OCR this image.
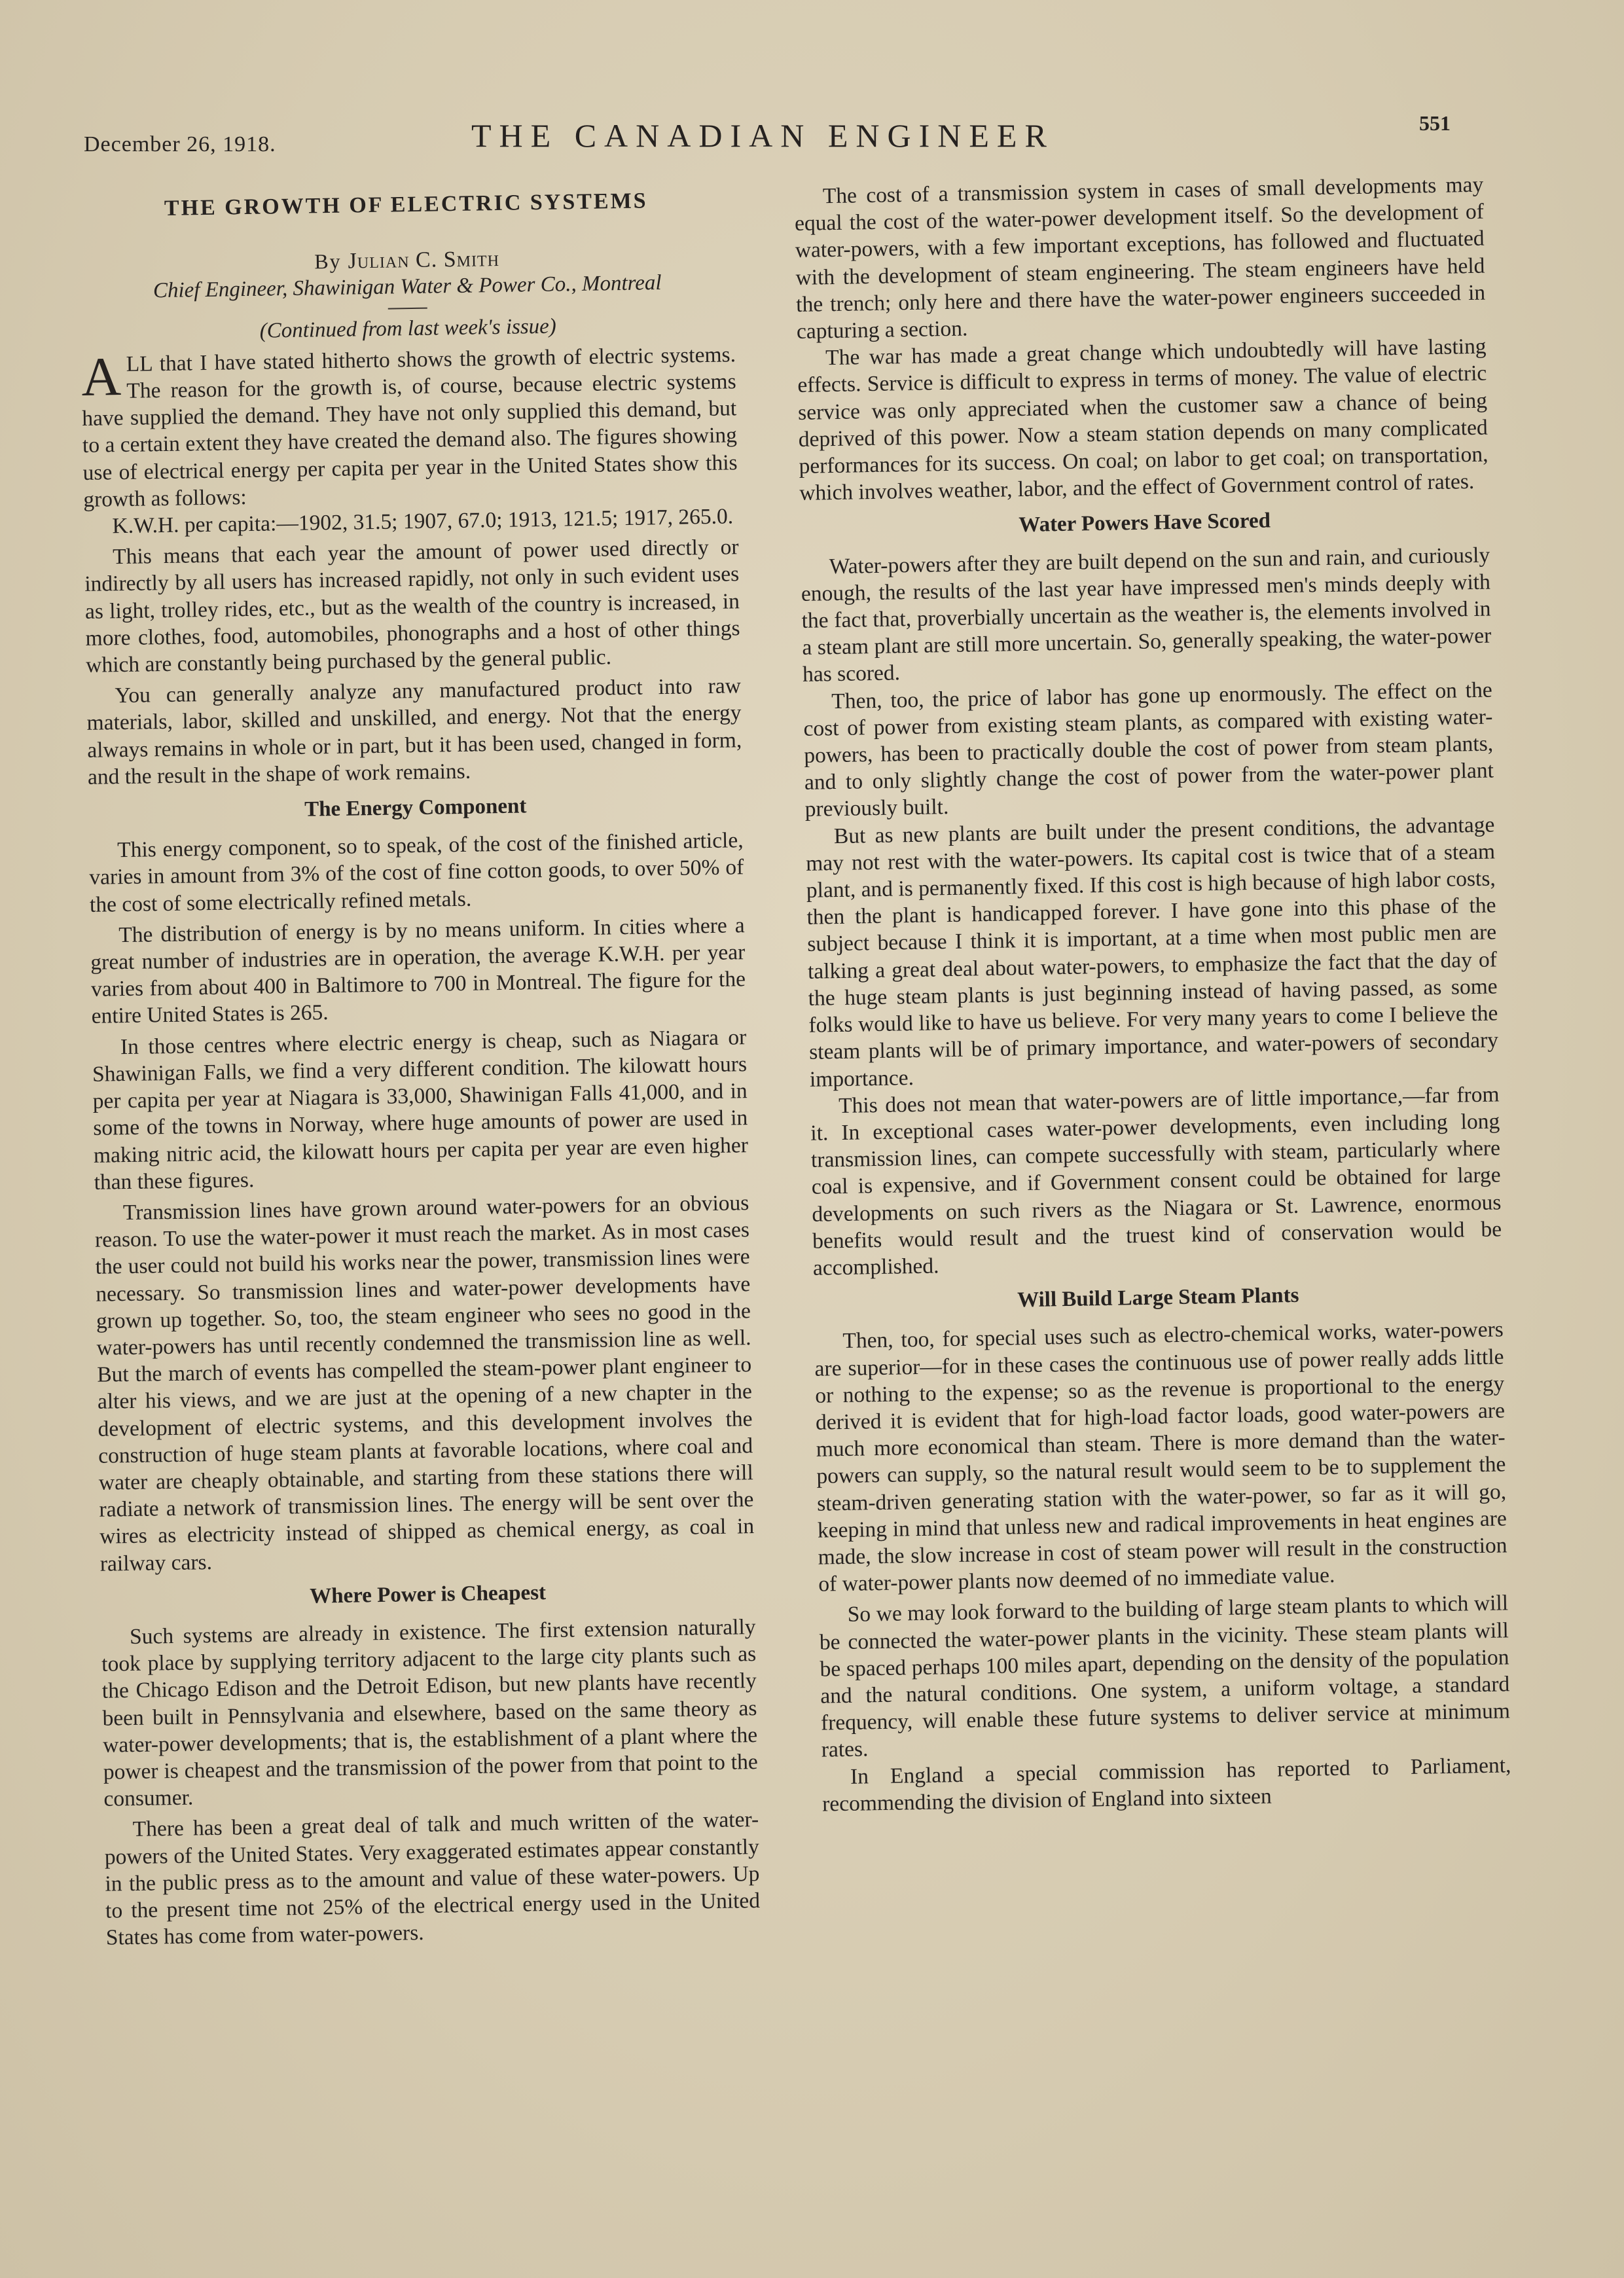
December 26, 1918.	THE CANADIAN ENGINEER	551
THE GROWTH OF ELECTRIC SYSTEMS
By Julian C. Smith
Chief Engineer, Shawinigan Water & Power Co., Montreal
(Continued from last week's issue)

ALL that I have stated hitherto shows the growth of electric systems. The reason for the growth is, of course, because electric systems have supplied the demand. They have not only supplied this demand, but to a certain extent they have created the demand also. The figures showing use of electrical energy per capita per year in the United States show this growth as follows:

K.W.H. per capita:—1902, 31.5; 1907, 67.0; 1913, 121.5; 1917, 265.0.

This means that each year the amount of power used directly or indirectly by all users has increased rapidly, not only in such evident uses as light, trolley rides, etc., but as the wealth of the country is increased, in more clothes, food, automobiles, phonographs and a host of other things which are constantly being purchased by the general public.

You can generally analyze any manufactured product into raw materials, labor, skilled and unskilled, and energy. Not that the energy always remains in whole or in part, but it has been used, changed in form, and the result in the shape of work remains.

The Energy Component

This energy component, so to speak, of the cost of the finished article, varies in amount from 3% of the cost of fine cotton goods, to over 50% of the cost of some electrically refined metals.

The distribution of energy is by no means uniform. In cities where a great number of industries are in operation, the average K.W.H. per year varies from about 400 in Baltimore to 700 in Montreal. The figure for the entire United States is 265.

In those centres where electric energy is cheap, such as Niagara or Shawinigan Falls, we find a very different condition. The kilowatt hours per capita per year at Niagara is 33,000, Shawinigan Falls 41,000, and in some of the towns in Norway, where huge amounts of power are used in making nitric acid, the kilowatt hours per capita per year are even higher than these figures.

Transmission lines have grown around water-powers for an obvious reason. To use the water-power it must reach the market. As in most cases the user could not build his works near the power, transmission lines were necessary. So transmission lines and water-power developments have grown up together. So, too, the steam engineer who sees no good in the water-powers has until recently condemned the transmission line as well. But the march of events has compelled the steam-power plant engineer to alter his views, and we are just at the opening of a new chapter in the development of electric systems, and this development involves the construction of huge steam plants at favorable locations, where coal and water are cheaply obtainable, and starting from these stations there will radiate a network of transmission lines. The energy will be sent over the wires as electricity instead of shipped as chemical energy, as coal in railway cars.

Where Power is Cheapest

Such systems are already in existence. The first extension naturally took place by supplying territory adjacent to the large city plants such as the Chicago Edison and the Detroit Edison, but new plants have recently been built in Pennsylvania and elsewhere, based on the same theory as water-power developments; that is, the establishment of a plant where the power is cheapest and the transmission of the power from that point to the consumer.

There has been a great deal of talk and much written of the water-powers of the United States. Very exaggerated estimates appear constantly in the public press as to the amount and value of these water-powers. Up to the present time not 25% of the electrical energy used in the United States has come from water-powers.

The cost of a transmission system in cases of small developments may equal the cost of the water-power development itself. So the development of water-powers, with a few important exceptions, has followed and fluctuated with the development of steam engineering. The steam engineers have held the trench; only here and there have the water-power engineers succeeded in capturing a section.

The war has made a great change which undoubtedly will have lasting effects. Service is difficult to express in terms of money. The value of electric service was only appreciated when the customer saw a chance of being deprived of this power. Now a steam station depends on many complicated performances for its success. On coal; on labor to get coal; on transportation, which involves weather, labor, and the effect of Government control of rates.

Water Powers Have Scored

Water-powers after they are built depend on the sun and rain, and curiously enough, the results of the last year have impressed men's minds deeply with the fact that, proverbially uncertain as the weather is, the elements involved in a steam plant are still more uncertain. So, generally speaking, the water-power has scored.

Then, too, the price of labor has gone up enormously. The effect on the cost of power from existing steam plants, as compared with existing water-powers, has been to practically double the cost of power from steam plants, and to only slightly change the cost of power from the water-power plant previously built.

But as new plants are built under the present conditions, the advantage may not rest with the water-powers. Its capital cost is twice that of a steam plant, and is permanently fixed. If this cost is high because of high labor costs, then the plant is handicapped forever. I have gone into this phase of the subject because I think it is important, at a time when most public men are talking a great deal about water-powers, to emphasize the fact that the day of the huge steam plants is just beginning instead of having passed, as some folks would like to have us believe. For very many years to come I believe the steam plants will be of primary importance, and water-powers of secondary importance.

This does not mean that water-powers are of little importance,—far from it. In exceptional cases water-power developments, even including long transmission lines, can compete successfully with steam, particularly where coal is expensive, and if Government consent could be obtained for large developments on such rivers as the Niagara or St. Lawrence, enormous benefits would result and the truest kind of conservation would be accomplished.

Will Build Large Steam Plants

Then, too, for special uses such as electro-chemical works, water-powers are superior—for in these cases the continuous use of power really adds little or nothing to the expense; so as the revenue is proportional to the energy derived it is evident that for high-load factor loads, good water-powers are much more economical than steam. There is more demand than the water-powers can supply, so the natural result would seem to be to supplement the steam-driven generating station with the water-power, so far as it will go, keeping in mind that unless new and radical improvements in heat engines are made, the slow increase in cost of steam power will result in the construction of water-power plants now deemed of no immediate value.

So we may look forward to the building of large steam plants to which will be connected the water-power plants in the vicinity. These steam plants will be spaced perhaps 100 miles apart, depending on the density of the population and the natural conditions. One system, a uniform voltage, a standard frequency, will enable these future systems to deliver service at minimum rates.

In England a special commission has reported to Parliament, recommending the division of England into sixteen
